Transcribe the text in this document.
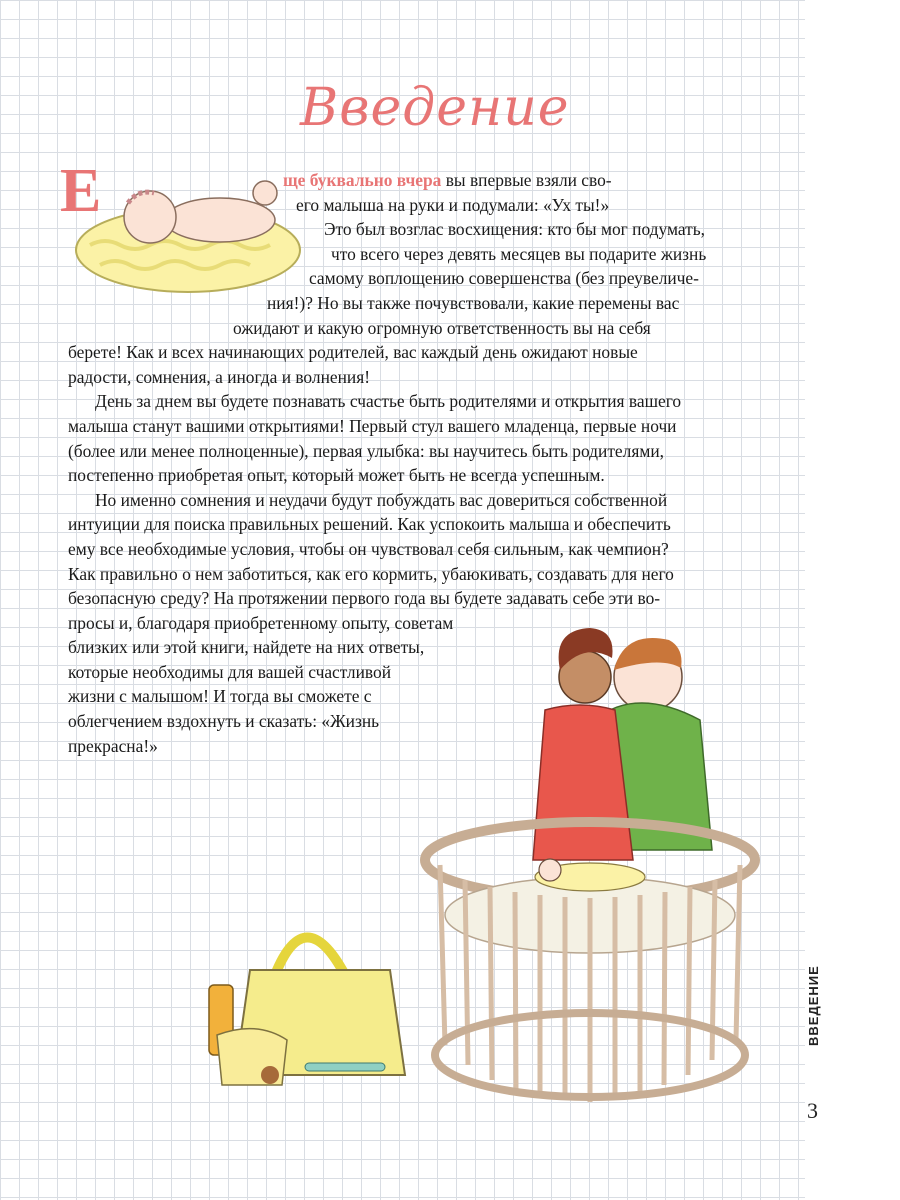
Введение
Е	ще буквально вчера вы впервые взяли сво-
его малыша на руки и подумали: «Ух ты!»
Это был возглас восхищения: кто бы мог подумать,
что всего через девять месяцев вы подарите жизнь
самому воплощению совершенства (без преувеличе-
ния!)? Но вы также почувствовали, какие перемены вас
ожидают и какую огромную ответственность вы на себя
берете! Как и всех начинающих родителей, вас каждый день ожидают новые
радости, сомнения, а иногда и волнения!
День за днем вы будете познавать счастье быть родителями и открытия вашего
малыша станут вашими открытиями! Первый стул вашего младенца, первые ночи
(более или менее полноценные), первая улыбка: вы научитесь быть родителями,
постепенно приобретая опыт, который может быть не всегда успешным.
Но именно сомнения и неудачи будут побуждать вас довериться собственной
интуиции для поиска правильных решений. Как успокоить малыша и обеспечить
ему все необходимые условия, чтобы он чувствовал себя сильным, как чемпион?
Как правильно о нем заботиться, как его кормить, убаюкивать, создавать для него
безопасную среду? На протяжении первого года вы будете задавать себе эти во-
просы и, благодаря приобретенному опыту, советам
близких или этой книги, найдете на них ответы,
которые необходимы для вашей счастливой
жизни с малышом! И тогда вы сможете с
облегчением вздохнуть и сказать: «Жизнь
прекрасна!»
ВВЕДЕНИЕ
3
